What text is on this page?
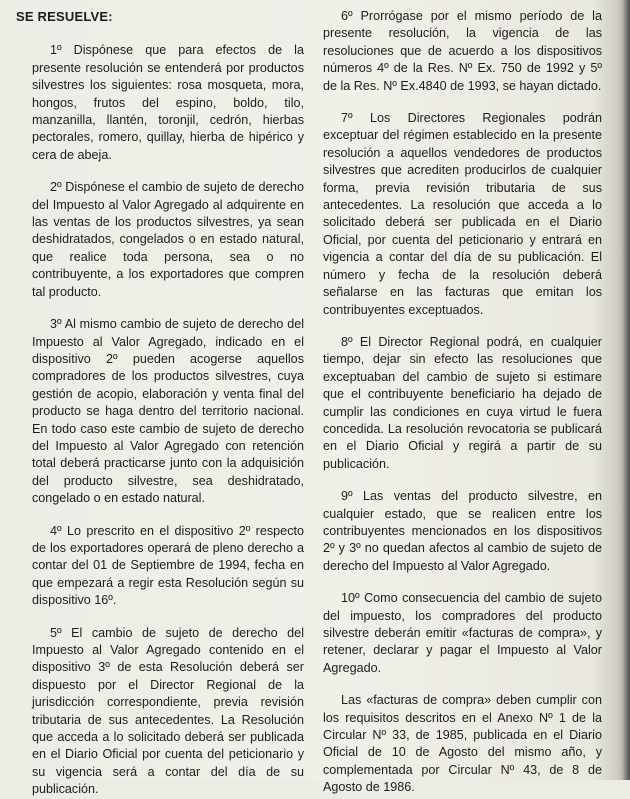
SE RESUELVE:

1º Dispónese que para efectos de la presente resolución se entenderá por productos silvestres los siguientes: rosa mosqueta, mora, hongos, frutos del espino, boldo, tilo, manzanilla, llantén, toronjil, cedrón, hierbas pectorales, romero, quillay, hierba de hipérico y cera de abeja.

2º Dispónese el cambio de sujeto de derecho del Impuesto al Valor Agregado al adquirente en las ventas de los productos silvestres, ya sean deshidratados, congelados o en estado natural, que realice toda persona, sea o no contribuyente, a los exportadores que compren tal producto.

3º Al mismo cambio de sujeto de derecho del Impuesto al Valor Agregado, indicado en el dispositivo 2º pueden acogerse aquellos compradores de los productos silvestres, cuya gestión de acopio, elaboración y venta final del producto se haga dentro del territorio nacional. En todo caso este cambio de sujeto de derecho del Impuesto al Valor Agregado con retención total deberá practicarse junto con la adquisición del producto silvestre, sea deshidratado, congelado o en estado natural.

4º Lo prescrito en el dispositivo 2º respecto de los exportadores operará de pleno derecho a contar del 01 de Septiembre de 1994, fecha en que empezará a regir esta Resolución según su dispositivo 16º.

5º El cambio de sujeto de derecho del Impuesto al Valor Agregado contenido en el dispositivo 3º de esta Resolución deberá ser dispuesto por el Director Regional de la jurisdicción correspondiente, previa revisión tributaria de sus antecedentes. La Resolución que acceda a lo solicitado deberá ser publicada en el Diario Oficial por cuenta del peticionario y su vigencia será a contar del día de su publicación.

6º Prorrógase por el mismo período de la presente resolución, la vigencia de las resoluciones que de acuerdo a los dispositivos números 4º de la Res. Nº Ex. 750 de 1992 y 5º de la Res. Nº Ex.4840 de 1993, se hayan dictado.

7º Los Directores Regionales podrán exceptuar del régimen establecido en la presente resolución a aquellos vendedores de productos silvestres que acrediten producirlos de cualquier forma, previa revisión tributaria de sus antecedentes. La resolución que acceda a lo solicitado deberá ser publicada en el Diario Oficial, por cuenta del peticionario y entrará en vigencia a contar del día de su publicación. El número y fecha de la resolución deberá señalarse en las facturas que emitan los contribuyentes exceptuados.

8º El Director Regional podrá, en cualquier tiempo, dejar sin efecto las resoluciones que exceptuaban del cambio de sujeto si estimare que el contribuyente beneficiario ha dejado de cumplir las condiciones en cuya virtud le fuera concedida. La resolución revocatoria se publicará en el Diario Oficial y regirá a partir de su publicación.

9º Las ventas del producto silvestre, en cualquier estado, que se realicen entre los contribuyentes mencionados en los dispositivos 2º y 3º no quedan afectos al cambio de sujeto de derecho del Impuesto al Valor Agregado.

10º Como consecuencia del cambio de sujeto del impuesto, los compradores del producto silvestre deberán emitir «facturas de compra», y retener, declarar y pagar el Impuesto al Valor Agregado.

Las «facturas de compra» deben cumplir con los requisitos descritos en el Anexo Nº 1 de la Circular Nº 33, de 1985, publicada en el Diario Oficial de 10 de Agosto del mismo año, y complementada por Circular Nº 43, de 8 de Agosto de 1986.
